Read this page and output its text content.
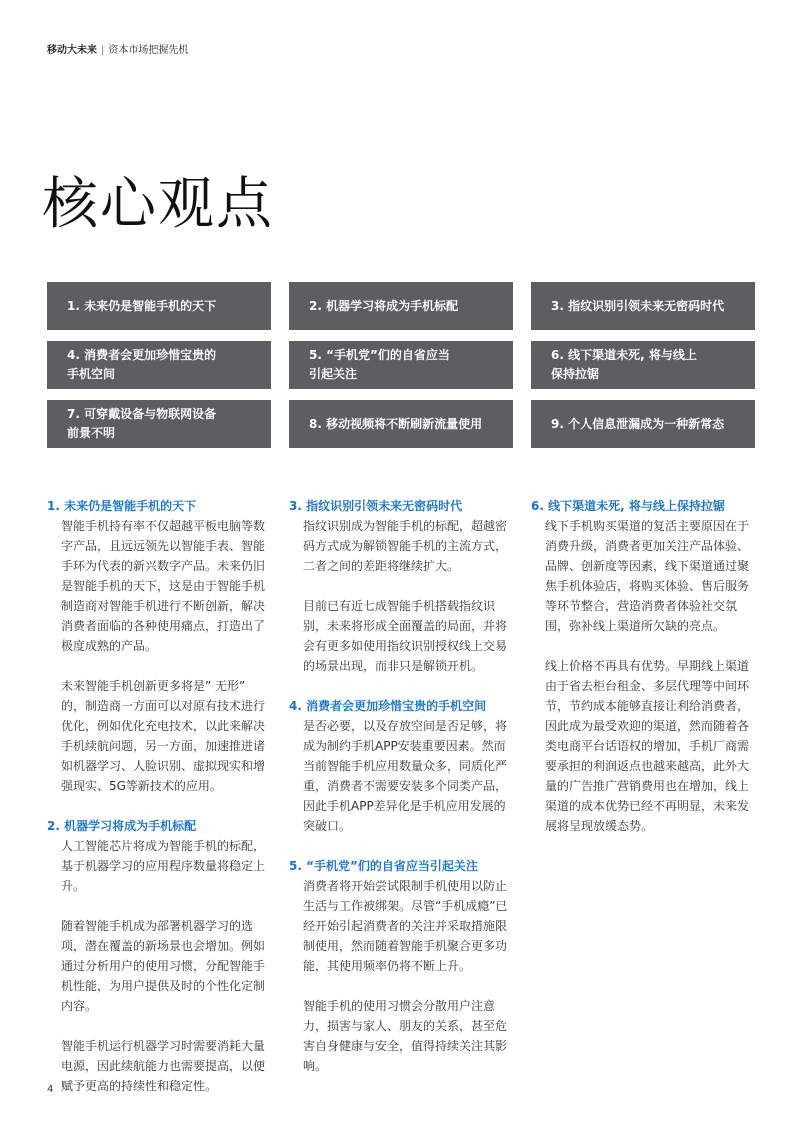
移动大未来 | 资本市场把握先机
核心观点
1. 未来仍是智能手机的天下	2. 机器学习将成为手机标配	3. 指纹识别引领未来无密码时代
4. 消费者会更加珍惜宝贵的
手机空间
5. “手机党”们的自省应当
引起关注
6. 线下渠道未死, 将与线上
保持拉锯
7. 可穿戴设备与物联网设备
前景不明
8. 移动视频将不断刷新流量使用	9. 个人信息泄漏成为一种新常态
1. 未来仍是智能手机的天下

智能手机持有率不仅超越平板电脑等数字产品，且远远领先以智能手表、智能手环为代表的新兴数字产品。未来仍旧是智能手机的天下，这是由于智能手机制造商对智能手机进行不断创新，解决消费者面临的各种使用痛点，打造出了极度成熟的产品。

未来智能手机创新更多将是” 无形” 的，制造商一方面可以对原有技术进行优化，例如优化充电技术，以此来解决手机续航问题，另一方面，加速推进诸如机器学习、人脸识别、虚拟现实和增强现实、5G等新技术的应用。

2. 机器学习将成为手机标配

人工智能芯片将成为智能手机的标配，基于机器学习的应用程序数量将稳定上升。

随着智能手机成为部署机器学习的选项，潜在覆盖的新场景也会增加。例如通过分析用户的使用习惯，分配智能手机性能，为用户提供及时的个性化定制内容。

智能手机运行机器学习时需要消耗大量电源，因此续航能力也需要提高，以便赋予更高的持续性和稳定性。

3. 指纹识别引领未来无密码时代

指纹识别成为智能手机的标配，超越密码方式成为解锁智能手机的主流方式，二者之间的差距将继续扩大。

目前已有近七成智能手机搭载指纹识别，未来将形成全面覆盖的局面，并将会有更多如使用指纹识别授权线上交易的场景出现，而非只是解锁开机。

4. 消费者会更加珍惜宝贵的手机空间

是否必要，以及存放空间是否足够，将成为制约手机APP安装重要因素。然而当前智能手机应用数量众多，同质化严重，消费者不需要安装多个同类产品，因此手机APP差异化是手机应用发展的突破口。

5. “手机党”们的自省应当引起关注

消费者将开始尝试限制手机使用以防止生活与工作被绑架。尽管“手机成瘾”已经开始引起消费者的关注并采取措施限制使用，然而随着智能手机聚合更多功能，其使用频率仍将不断上升。

智能手机的使用习惯会分散用户注意力，损害与家人、朋友的关系，甚至危害自身健康与安全，值得持续关注其影响。

6. 线下渠道未死, 将与线上保持拉锯

线下手机购买渠道的复活主要原因在于消费升级，消费者更加关注产品体验、品牌、创新度等因素，线下渠道通过聚焦手机体验店，将购买体验、售后服务等环节整合，营造消费者体验社交氛围，弥补线上渠道所欠缺的亮点。

线上价格不再具有优势。早期线上渠道由于省去柜台租金、多层代理等中间环节，节约成本能够直接让利给消费者，因此成为最受欢迎的渠道，然而随着各类电商平台话语权的增加，手机厂商需要承担的利润返点也越来越高，此外大量的广告推广营销费用也在增加，线上渠道的成本优势已经不再明显，未来发展将呈现放缓态势。

4
